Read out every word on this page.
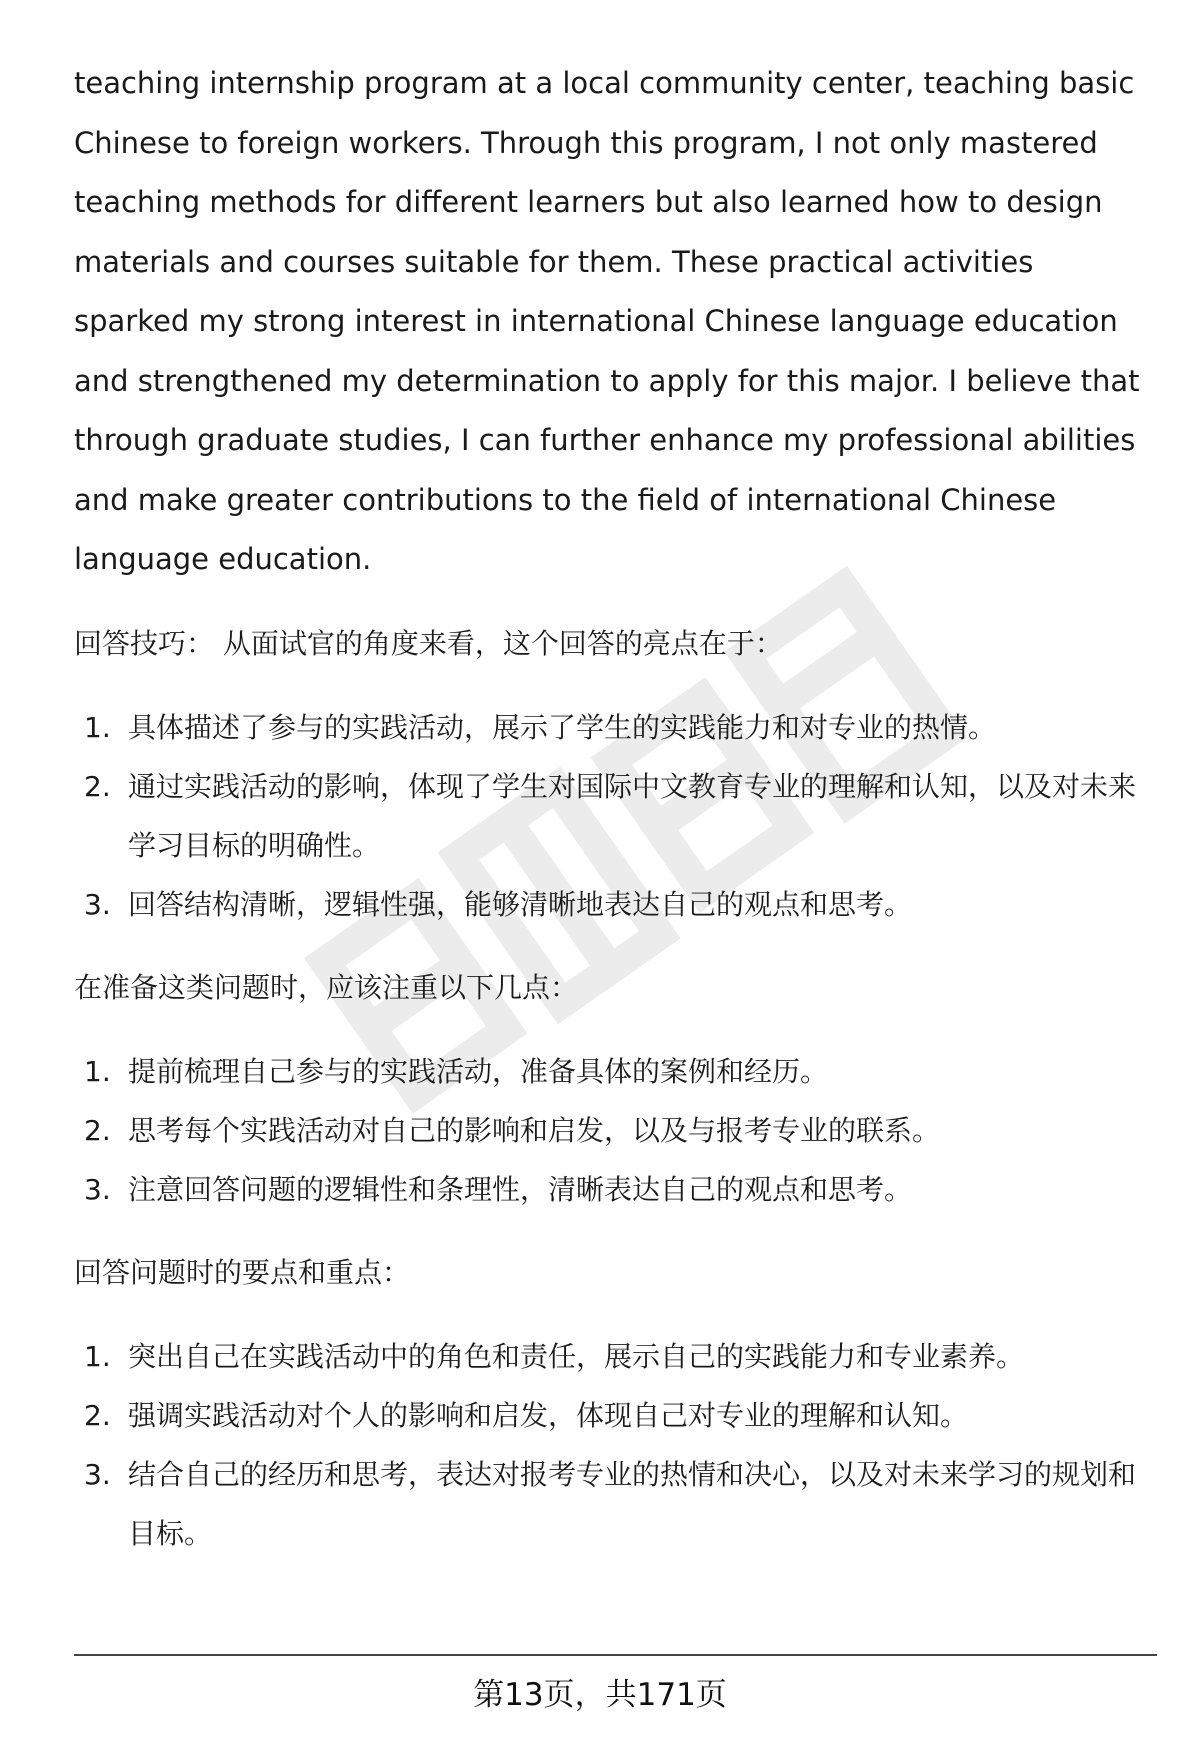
teaching internship program at a local community center, teaching basic Chinese to foreign workers. Through this program, I not only mastered teaching methods for different learners but also learned how to design materials and courses suitable for them. These practical activities sparked my strong interest in international Chinese language education and strengthened my determination to apply for this major. I believe that through graduate studies, I can further enhance my professional abilities and make greater contributions to the field of international Chinese language education.

回答技巧： 从面试官的角度来看，这个回答的亮点在于：

1. 具体描述了参与的实践活动，展示了学生的实践能力和对专业的热情。
2. 通过实践活动的影响，体现了学生对国际中文教育专业的理解和认知，以及对未来学习目标的明确性。
3. 回答结构清晰，逻辑性强，能够清晰地表达自己的观点和思考。

在准备这类问题时，应该注重以下几点：

1. 提前梳理自己参与的实践活动，准备具体的案例和经历。
2. 思考每个实践活动对自己的影响和启发，以及与报考专业的联系。
3. 注意回答问题的逻辑性和条理性，清晰表达自己的观点和思考。

回答问题时的要点和重点：

1. 突出自己在实践活动中的角色和责任，展示自己的实践能力和专业素养。
2. 强调实践活动对个人的影响和启发，体现自己对专业的理解和认知。
3. 结合自己的经历和思考，表达对报考专业的热情和决心，以及对未来学习的规划和目标。
第13页，共171页
